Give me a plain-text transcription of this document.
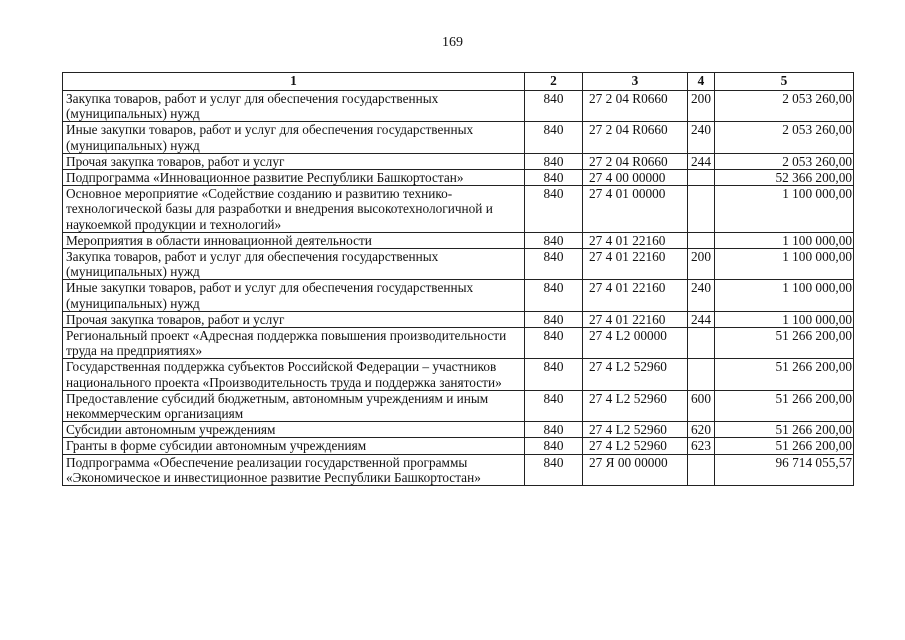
169
1	2	3	4	5
Закупка товаров, работ и услуг для обеспечения государственных (муниципальных) нужд	840	27 2 04 R0660	200	2 053 260,00
Иные закупки товаров, работ и услуг для обеспечения государственных (муниципальных) нужд	840	27 2 04 R0660	240	2 053 260,00
Прочая закупка товаров, работ и услуг	840	27 2 04 R0660	244	2 053 260,00
Подпрограмма «Инновационное развитие Республики Башкортостан»	840	27 4 00 00000		52 366 200,00
Основное мероприятие «Содействие созданию и развитию технико-технологической базы для разработки и внедрения высокотехнологичной и наукоемкой продукции и технологий»	840	27 4 01 00000		1 100 000,00
Мероприятия в области инновационной деятельности	840	27 4 01 22160		1 100 000,00
Закупка товаров, работ и услуг для обеспечения государственных (муниципальных) нужд	840	27 4 01 22160	200	1 100 000,00
Иные закупки товаров, работ и услуг для обеспечения государственных (муниципальных) нужд	840	27 4 01 22160	240	1 100 000,00
Прочая закупка товаров, работ и услуг	840	27 4 01 22160	244	1 100 000,00
Региональный проект «Адресная поддержка повышения производительности труда на предприятиях»	840	27 4 L2 00000		51 266 200,00
Государственная поддержка субъектов Российской Федерации – участников национального проекта «Производительность труда и поддержка занятости»	840	27 4 L2 52960		51 266 200,00
Предоставление субсидий бюджетным, автономным учреждениям и иным некоммерческим организациям	840	27 4 L2 52960	600	51 266 200,00
Субсидии автономным учреждениям	840	27 4 L2 52960	620	51 266 200,00
Гранты в форме субсидии автономным учреждениям	840	27 4 L2 52960	623	51 266 200,00
Подпрограмма «Обеспечение реализации государственной программы «Экономическое и инвестиционное развитие Республики Башкортостан»	840	27 Я 00 00000		96 714 055,57
